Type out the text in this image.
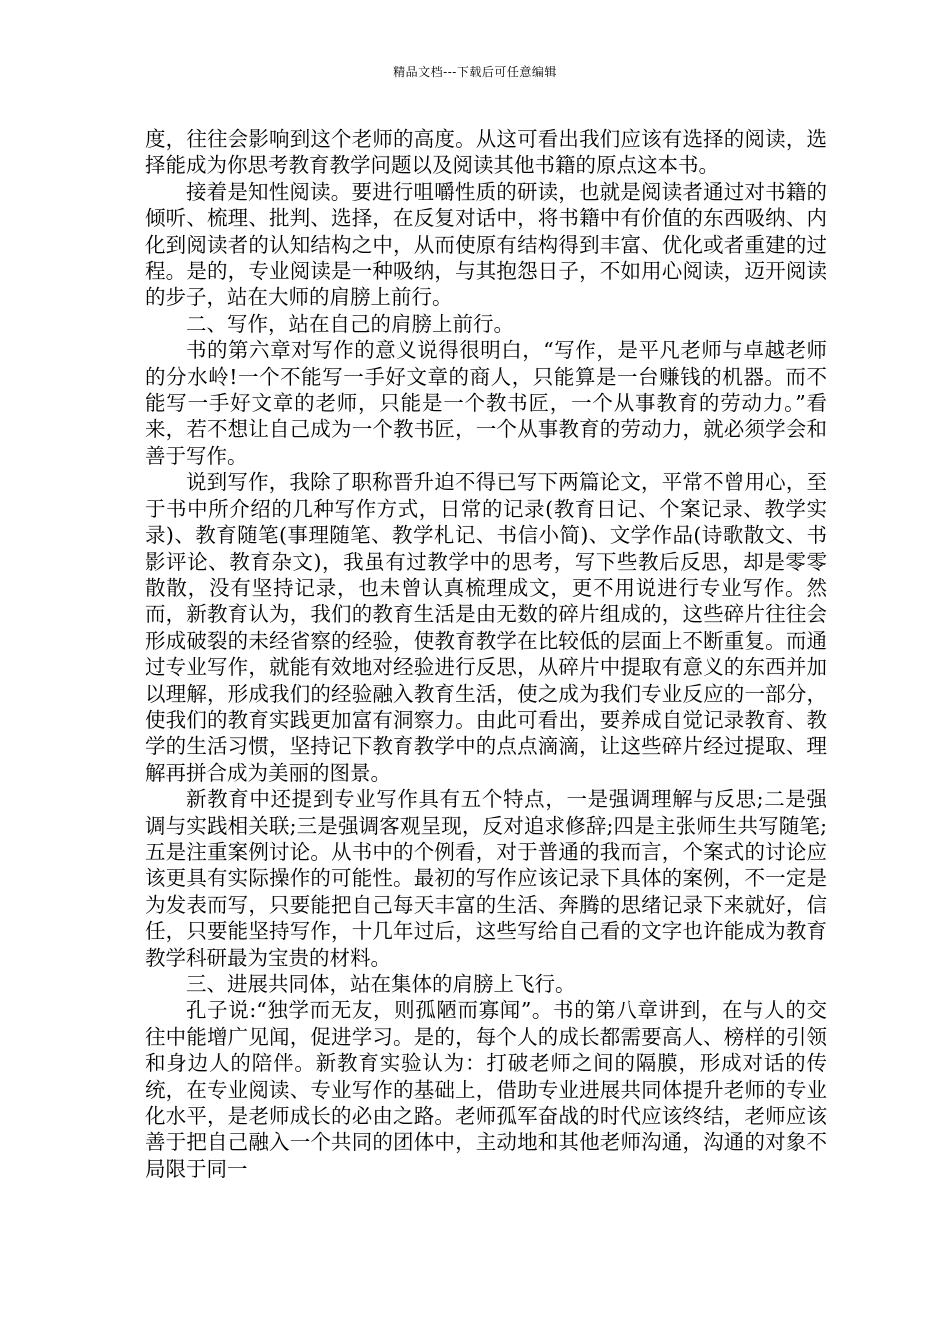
精品文档---下载后可任意编辑

度，往往会影响到这个老师的高度。从这可看出我们应该有选择的阅读，选择能成为你思考教育教学问题以及阅读其他书籍的原点这本书。

接着是知性阅读。要进行咀嚼性质的研读，也就是阅读者通过对书籍的倾听、梳理、批判、选择，在反复对话中，将书籍中有价值的东西吸纳、内化到阅读者的认知结构之中，从而使原有结构得到丰富、优化或者重建的过程。是的，专业阅读是一种吸纳，与其抱怨日子，不如用心阅读，迈开阅读的步子，站在大师的肩膀上前行。

二、写作，站在自己的肩膀上前行。

书的第六章对写作的意义说得很明白，“写作，是平凡老师与卓越老师的分水岭!一个不能写一手好文章的商人，只能算是一台赚钱的机器。而不能写一手好文章的老师，只能是一个教书匠，一个从事教育的劳动力。”看来，若不想让自己成为一个教书匠，一个从事教育的劳动力，就必须学会和善于写作。

说到写作，我除了职称晋升迫不得已写下两篇论文，平常不曾用心，至于书中所介绍的几种写作方式，日常的记录(教育日记、个案记录、教学实录)、教育随笔(事理随笔、教学札记、书信小简)、文学作品(诗歌散文、书影评论、教育杂文)，我虽有过教学中的思考，写下些教后反思，却是零零散散，没有坚持记录，也未曾认真梳理成文，更不用说进行专业写作。然而，新教育认为，我们的教育生活是由无数的碎片组成的，这些碎片往往会形成破裂的未经省察的经验，使教育教学在比较低的层面上不断重复。而通过专业写作，就能有效地对经验进行反思，从碎片中提取有意义的东西并加以理解，形成我们的经验融入教育生活，使之成为我们专业反应的一部分，使我们的教育实践更加富有洞察力。由此可看出，要养成自觉记录教育、教学的生活习惯，坚持记下教育教学中的点点滴滴，让这些碎片经过提取、理解再拼合成为美丽的图景。

新教育中还提到专业写作具有五个特点，一是强调理解与反思;二是强调与实践相关联;三是强调客观呈现，反对追求修辞;四是主张师生共写随笔;五是注重案例讨论。从书中的个例看，对于普通的我而言，个案式的讨论应该更具有实际操作的可能性。最初的写作应该记录下具体的案例，不一定是为发表而写，只要能把自己每天丰富的生活、奔腾的思绪记录下来就好，信任，只要能坚持写作，十几年过后，这些写给自己看的文字也许能成为教育教学科研最为宝贵的材料。

三、进展共同体，站在集体的肩膀上飞行。

孔子说:“独学而无友，则孤陋而寡闻”。书的第八章讲到，在与人的交往中能增广见闻，促进学习。是的，每个人的成长都需要高人、榜样的引领和身边人的陪伴。新教育实验认为：打破老师之间的隔膜，形成对话的传统，在专业阅读、专业写作的基础上，借助专业进展共同体提升老师的专业化水平，是老师成长的必由之路。老师孤军奋战的时代应该终结，老师应该善于把自己融入一个共同的团体中，主动地和其他老师沟通，沟通的对象不局限于同一
